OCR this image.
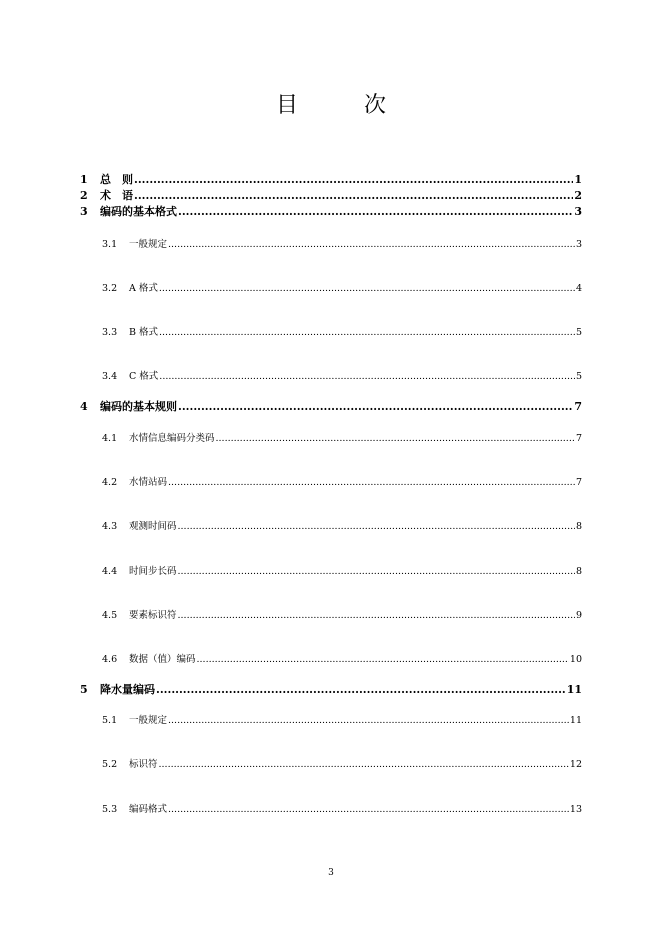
目　次
1	总　则 .....	1
2	术　语 .....	2
3	编码的基本格式 .....	3
3.1	一般规定 .....	3
3.2	A 格式 .....	4
3.3	B 格式 .....	5
3.4	C 格式 .....	5
4	编码的基本规则 .....	7
4.1	水情信息编码分类码 .....	7
4.2	水情站码 .....	7
4.3	观测时间码 .....	8
4.4	时间步长码 .....	8
4.5	要素标识符 .....	9
4.6	数据（值）编码 .....	10
5	降水量编码 .....	11
5.1	一般规定 .....	11
5.2	标识符 .....	12
5.3	编码格式 .....	13
3
